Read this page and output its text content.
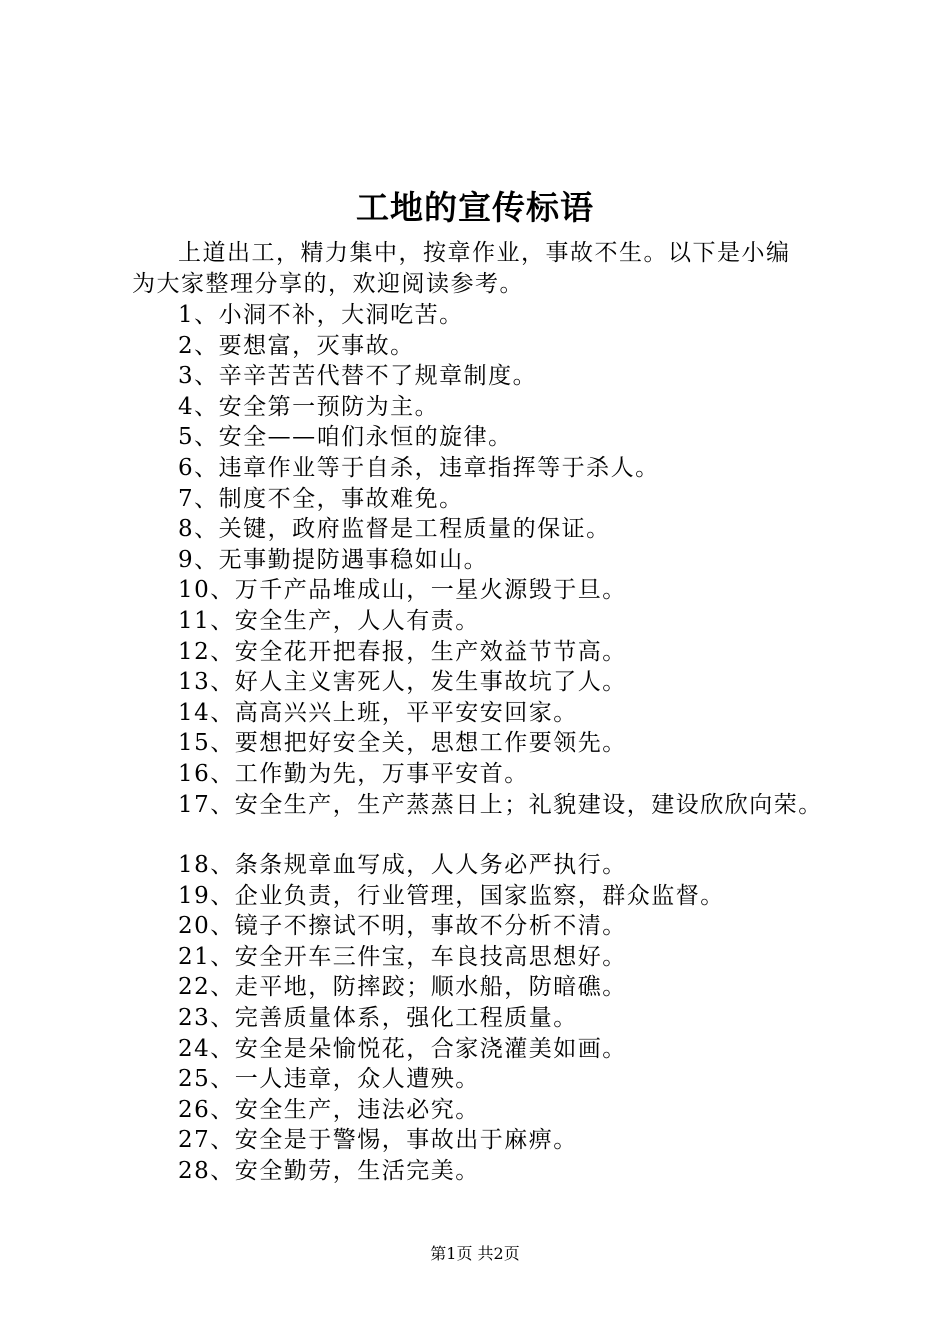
工地的宣传标语
上道出工，精力集中，按章作业，事故不生。以下是小编
为大家整理分享的，欢迎阅读参考。
1、小洞不补，大洞吃苦。
2、要想富，灭事故。
3、辛辛苦苦代替不了规章制度。
4、安全第一预防为主。
5、安全——咱们永恒的旋律。
6、违章作业等于自杀，违章指挥等于杀人。
7、制度不全，事故难免。
8、关键，政府监督是工程质量的保证。
9、无事勤提防遇事稳如山。
10、万千产品堆成山，一星火源毁于旦。
11、安全生产，人人有责。
12、安全花开把春报，生产效益节节高。
13、好人主义害死人，发生事故坑了人。
14、高高兴兴上班，平平安安回家。
15、要想把好安全关，思想工作要领先。
16、工作勤为先，万事平安首。
17、安全生产，生产蒸蒸日上；礼貌建设，建设欣欣向荣。
18、条条规章血写成，人人务必严执行。
19、企业负责，行业管理，国家监察，群众监督。
20、镜子不擦试不明，事故不分析不清。
21、安全开车三件宝，车良技高思想好。
22、走平地，防摔跤；顺水船，防暗礁。
23、完善质量体系，强化工程质量。
24、安全是朵愉悦花，合家浇灌美如画。
25、一人违章，众人遭殃。
26、安全生产，违法必究。
27、安全是于警惕，事故出于麻痹。
28、安全勤劳，生活完美。
第1页 共2页
